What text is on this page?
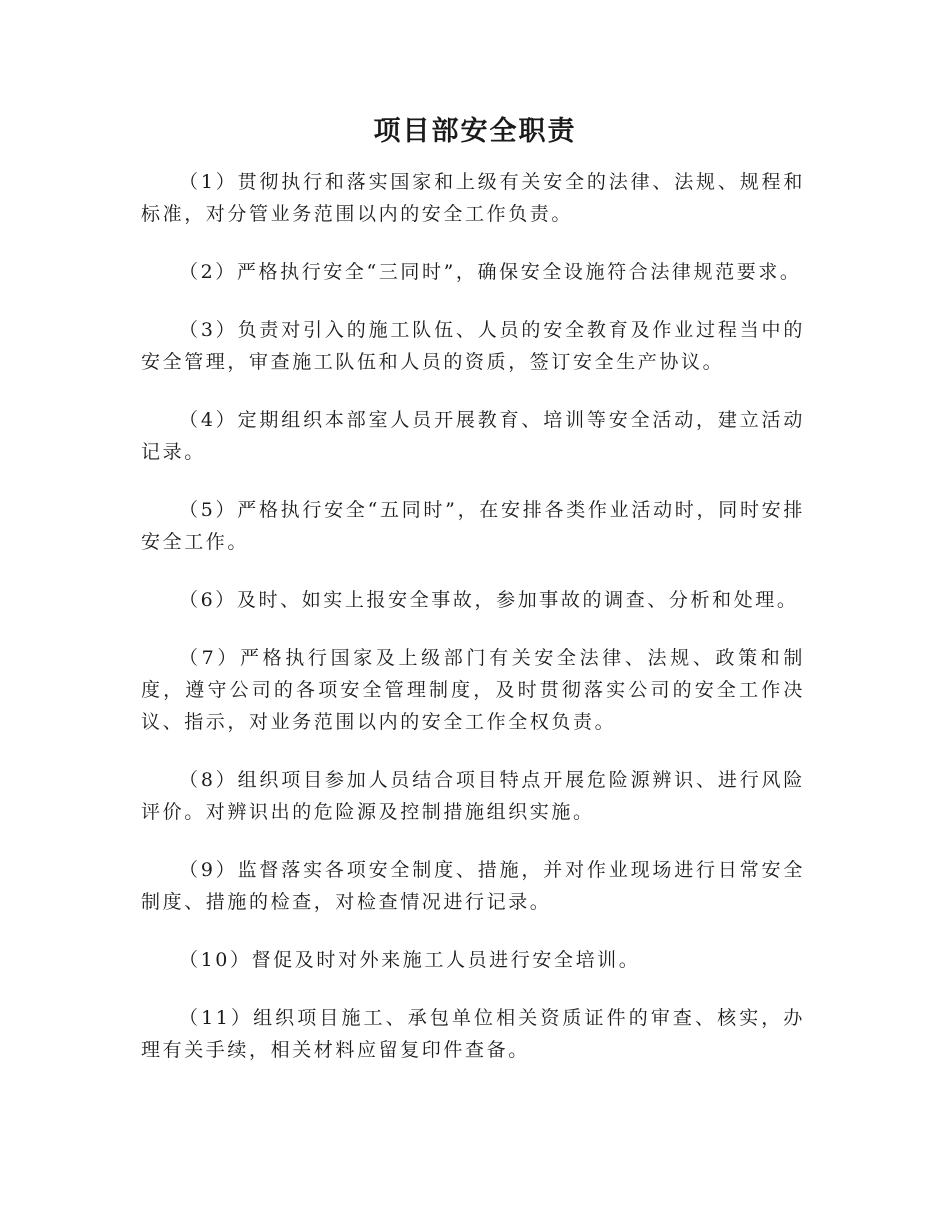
项目部安全职责

（1）贯彻执行和落实国家和上级有关安全的法律、法规、规程和标准，对分管业务范围以内的安全工作负责。

（2）严格执行安全“三同时”，确保安全设施符合法律规范要求。

（3）负责对引入的施工队伍、人员的安全教育及作业过程当中的安全管理，审查施工队伍和人员的资质，签订安全生产协议。

（4）定期组织本部室人员开展教育、培训等安全活动，建立活动记录。

（5）严格执行安全“五同时”，在安排各类作业活动时，同时安排安全工作。

（6）及时、如实上报安全事故，参加事故的调查、分析和处理。

（7）严格执行国家及上级部门有关安全法律、法规、政策和制度，遵守公司的各项安全管理制度，及时贯彻落实公司的安全工作决议、指示，对业务范围以内的安全工作全权负责。

（8）组织项目参加人员结合项目特点开展危险源辨识、进行风险评价。对辨识出的危险源及控制措施组织实施。

（9）监督落实各项安全制度、措施，并对作业现场进行日常安全制度、措施的检查，对检查情况进行记录。

（10）督促及时对外来施工人员进行安全培训。

（11）组织项目施工、承包单位相关资质证件的审查、核实，办理有关手续，相关材料应留复印件查备。
